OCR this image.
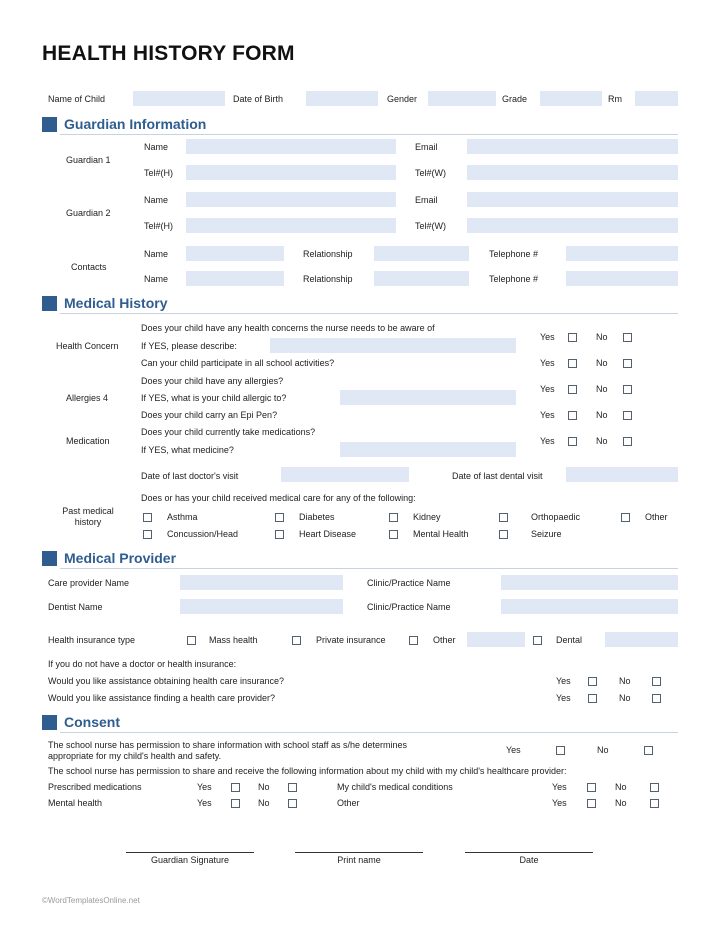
HEALTH HISTORY FORM
Name of Child	Date of Birth	Gender	Grade	Rm
Guardian Information
Guardian 1
Name	Email
Tel#(H)	Tel#(W)
Guardian 2
Name	Email
Tel#(H)	Tel#(W)
Contacts
Name	Relationship	Telephone #
Name	Relationship	Telephone #
Medical History
Health Concern
Does your child have any health concerns the nurse needs to be aware of
If YES, please describe:
Yes	No
Can your child participate in all school activities?	Yes	No
Allergies 4
Does your child have any allergies?
If YES, what is your child allergic to?
Yes	No
Does your child carry an Epi Pen?	Yes	No
Medication
Does your child currently take medications?
If YES, what medicine?
Yes	No
Date of last doctor's visit	Date of last dental visit
Past medical history
Does or has your child received medical care for any of the following:
Asthma	Diabetes	Kidney	Orthopaedic	Other
Concussion/Head	Heart Disease	Mental Health	Seizure
Medical Provider
Care provider Name	Clinic/Practice Name
Dentist Name	Clinic/Practice Name
Health insurance type	Mass health	Private insurance	Other	Dental
If you do not have a doctor or health insurance:
Would you like assistance obtaining health care insurance?	Yes	No
Would you like assistance finding a health care provider?	Yes	No
Consent
The school nurse has permission to share information with school staff as s/he determines appropriate for my child's health and safety.
Yes	No
The school nurse has permission to share and receive the following information about my child with my child's healthcare provider:
Prescribed medications	Yes	No	My child's medical conditions	Yes	No
Mental health	Yes	No	Other	Yes	No
Guardian Signature	Print name	Date
©WordTemplatesOnline.net
